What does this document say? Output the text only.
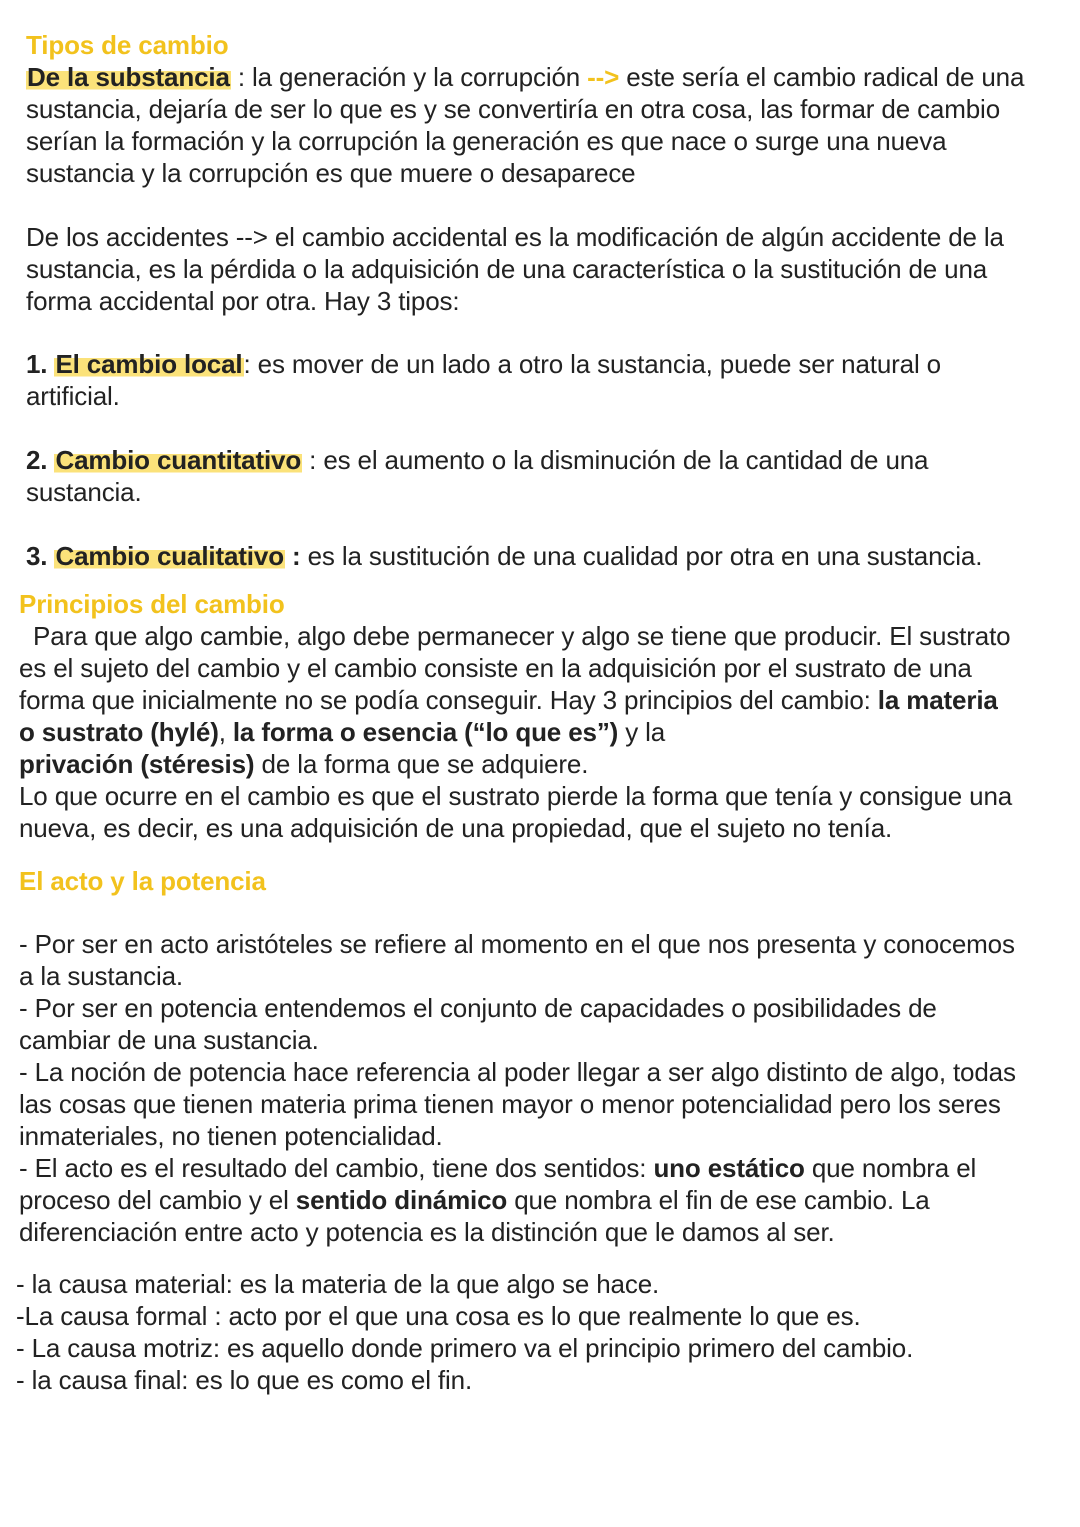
Tipos de cambio
De la substancia : la generación y la corrupción --> este sería el cambio radical de una
sustancia, dejaría de ser lo que es y se convertiría en otra cosa, las formar de cambio
serían la formación y la corrupción la generación es que nace o surge una nueva
sustancia y la corrupción es que muere o desaparece
De los accidentes --> el cambio accidental es la modificación de algún accidente de la
sustancia, es la pérdida o la adquisición de una característica o la sustitución de una
forma accidental por otra. Hay 3 tipos:
1. El cambio local: es mover de un lado a otro la sustancia, puede ser natural o
artificial.
2. Cambio cuantitativo : es el aumento o la disminución de la cantidad de una
sustancia.
3. Cambio cualitativo : es la sustitución de una cualidad por otra en una sustancia.
Principios del cambio
Para que algo cambie, algo debe permanecer y algo se tiene que producir. El sustrato
es el sujeto del cambio y el cambio consiste en la adquisición por el sustrato de una
forma que inicialmente no se podía conseguir. Hay 3 principios del cambio: la materia
o sustrato (hylé), la forma o esencia (“lo que es”) y la
privación (stéresis) de la forma que se adquiere.
Lo que ocurre en el cambio es que el sustrato pierde la forma que tenía y consigue una
nueva, es decir, es una adquisición de una propiedad, que el sujeto no tenía.
El acto y la potencia
- Por ser en acto aristóteles se refiere al momento en el que nos presenta y conocemos
a la sustancia.
- Por ser en potencia entendemos el conjunto de capacidades o posibilidades de
cambiar de una sustancia.
- La noción de potencia hace referencia al poder llegar a ser algo distinto de algo, todas
las cosas que tienen materia prima tienen mayor o menor potencialidad pero los seres
inmateriales, no tienen potencialidad.
- El acto es el resultado del cambio, tiene dos sentidos: uno estático que nombra el
proceso del cambio y el sentido dinámico que nombra el fin de ese cambio. La
diferenciación entre acto y potencia es la distinción que le damos al ser.
- la causa material: es la materia de la que algo se hace.
-La causa formal : acto por el que una cosa es lo que realmente lo que es.
- La causa motriz: es aquello donde primero va el principio primero del cambio.
- la causa final: es lo que es como el fin.
